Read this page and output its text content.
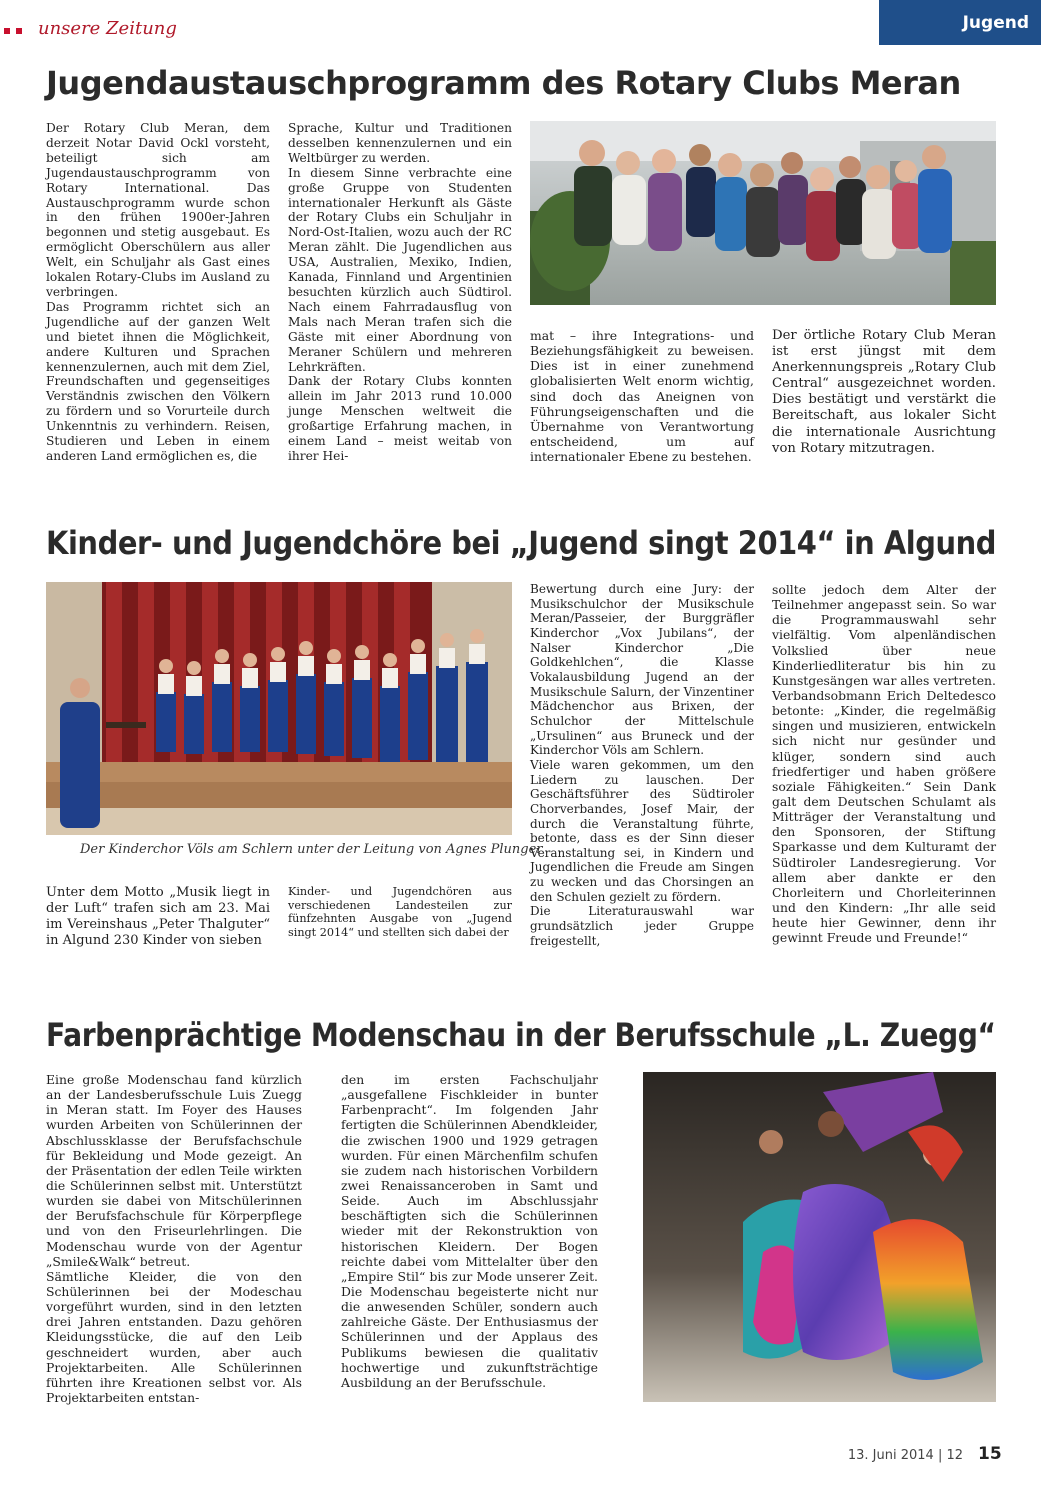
unsere Zeitung	Jugend
Jugendaustauschprogramm des Rotary Clubs Meran

Der Rotary Club Meran, dem derzeit Notar David Ockl vorsteht, beteiligt sich am Jugendaustauschprogramm von Rotary International. Das Austauschprogramm wurde schon in den frühen 1900er-Jahren begonnen und stetig ausgebaut. Es ermöglicht Oberschülern aus aller Welt, ein Schuljahr als Gast eines lokalen Rotary-Clubs im Ausland zu verbringen.

Das Programm richtet sich an Jugendliche auf der ganzen Welt und bietet ihnen die Möglichkeit, andere Kulturen und Sprachen kennenzulernen, auch mit dem Ziel, Freundschaften und gegenseitiges Verständnis zwischen den Völkern zu fördern und so Vorurteile durch Unkenntnis zu verhindern. Reisen, Studieren und Leben in einem anderen Land ermöglichen es, die

Sprache, Kultur und Traditionen desselben kennenzulernen und ein Weltbürger zu werden.

In diesem Sinne verbrachte eine große Gruppe von Studenten internationaler Herkunft als Gäste der Rotary Clubs ein Schuljahr in Nord-Ost-Italien, wozu auch der RC Meran zählt. Die Jugendlichen aus USA, Australien, Mexiko, Indien, Kanada, Finnland und Argentinien besuchten kürzlich auch Südtirol. Nach einem Fahrradausflug von Mals nach Meran trafen sich die Gäste mit einer Abordnung von Meraner Schülern und mehreren Lehrkräften.

Dank der Rotary Clubs konnten allein im Jahr 2013 rund 10.000 junge Menschen weltweit die großartige Erfahrung machen, in einem Land – meist weitab von ihrer Hei-

mat – ihre Integrations- und Beziehungsfähigkeit zu beweisen. Dies ist in einer zunehmend globalisierten Welt enorm wichtig, sind doch das Aneignen von Führungseigenschaften und die Übernahme von Verantwortung entscheidend, um auf internationaler Ebene zu bestehen.

Der örtliche Rotary Club Meran ist erst jüngst mit dem Anerkennungspreis „Rotary Club Central“ ausgezeichnet worden. Dies bestätigt und verstärkt die Bereitschaft, aus lokaler Sicht die internationale Ausrichtung von Rotary mitzutragen.

Kinder- und Jugendchöre bei „Jugend singt 2014“ in Algund
Der Kinderchor Völs am Schlern unter der Leitung von Agnes Plunger

Unter dem Motto „Musik liegt in der Luft“ trafen sich am 23. Mai im Vereinshaus „Peter Thalguter“ in Algund 230 Kinder von sieben

Kinder- und Jugendchören aus verschiedenen Landesteilen zur fünfzehnten Ausgabe von „Jugend singt 2014“ und stellten sich dabei der

Bewertung durch eine Jury: der Musikschulchor der Musikschule Meran/Passeier, der Burggräfler Kinderchor „Vox Jubilans“, der Nalser Kinderchor „Die Goldkehlchen“, die Klasse Vokalausbildung Jugend an der Musikschule Salurn, der Vinzentiner Mädchenchor aus Brixen, der Schulchor der Mittelschule „Ursulinen“ aus Bruneck und der Kinderchor Völs am Schlern.

Viele waren gekommen, um den Liedern zu lauschen. Der Geschäftsführer des Südtiroler Chorverbandes, Josef Mair, der durch die Veranstaltung führte, betonte, dass es der Sinn dieser Veranstaltung sei, in Kindern und Jugendlichen die Freude am Singen zu wecken und das Chorsingen an den Schulen gezielt zu fördern.

Die Literaturauswahl war grundsätzlich jeder Gruppe freigestellt,

sollte jedoch dem Alter der Teilnehmer angepasst sein. So war die Programmauswahl sehr vielfältig. Vom alpenländischen Volkslied über neue Kinderliedliteratur bis hin zu Kunstgesängen war alles vertreten.

Verbandsobmann Erich Deltedescо betonte: „Kinder, die regelmäßig singen und musizieren, entwickeln sich nicht nur gesünder und klüger, sondern sind auch friedfertiger und haben größere soziale Fähigkeiten.“ Sein Dank galt dem Deutschen Schulamt als Mitträger der Veranstaltung und den Sponsoren, der Stiftung Sparkasse und dem Kulturamt der Südtiroler Landesregierung. Vor allem aber dankte er den Chorleitern und Chorleiterinnen und den Kindern: „Ihr alle seid heute hier Gewinner, denn ihr gewinnt Freude und Freunde!“

Farbenprächtige Modenschau in der Berufsschule „L. Zuegg“

Eine große Modenschau fand kürzlich an der Landesberufsschule Luis Zuegg in Meran statt. Im Foyer des Hauses wurden Arbeiten von Schülerinnen der Abschlussklasse der Berufsfachschule für Bekleidung und Mode gezeigt. An der Präsentation der edlen Teile wirkten die Schülerinnen selbst mit. Unterstützt wurden sie dabei von Mitschülerinnen der Berufsfachschule für Körperpflege und von den Friseurlehrlingen. Die Modenschau wurde von der Agentur „Smile&Walk“ betreut.

Sämtliche Kleider, die von den Schülerinnen bei der Modeschau vorgeführt wurden, sind in den letzten drei Jahren entstanden. Dazu gehören Kleidungsstücke, die auf den Leib geschneidert wurden, aber auch Projektarbeiten. Alle Schülerinnen führten ihre Kreationen selbst vor. Als Projektarbeiten entstan-

den im ersten Fachschuljahr „ausgefallene Fischkleider in bunter Farbenpracht“. Im folgenden Jahr fertigten die Schülerinnen Abendkleider, die zwischen 1900 und 1929 getragen wurden. Für einen Märchenfilm schufen sie zudem nach historischen Vorbildern zwei Renaissanceroben in Samt und Seide. Auch im Abschlussjahr beschäftigten sich die Schülerinnen wieder mit der Rekonstruktion von historischen Kleidern. Der Bogen reichte dabei vom Mittelalter über den „Empire Stil“ bis zur Mode unserer Zeit. Die Modenschau begeisterte nicht nur die anwesenden Schüler, sondern auch zahlreiche Gäste. Der Enthusiasmus der Schülerinnen und der Applaus des Publikums bewiesen die qualitativ hochwertige und zukunftsträchtige Ausbildung an der Berufsschule.

13. Juni 2014 | 12 15
